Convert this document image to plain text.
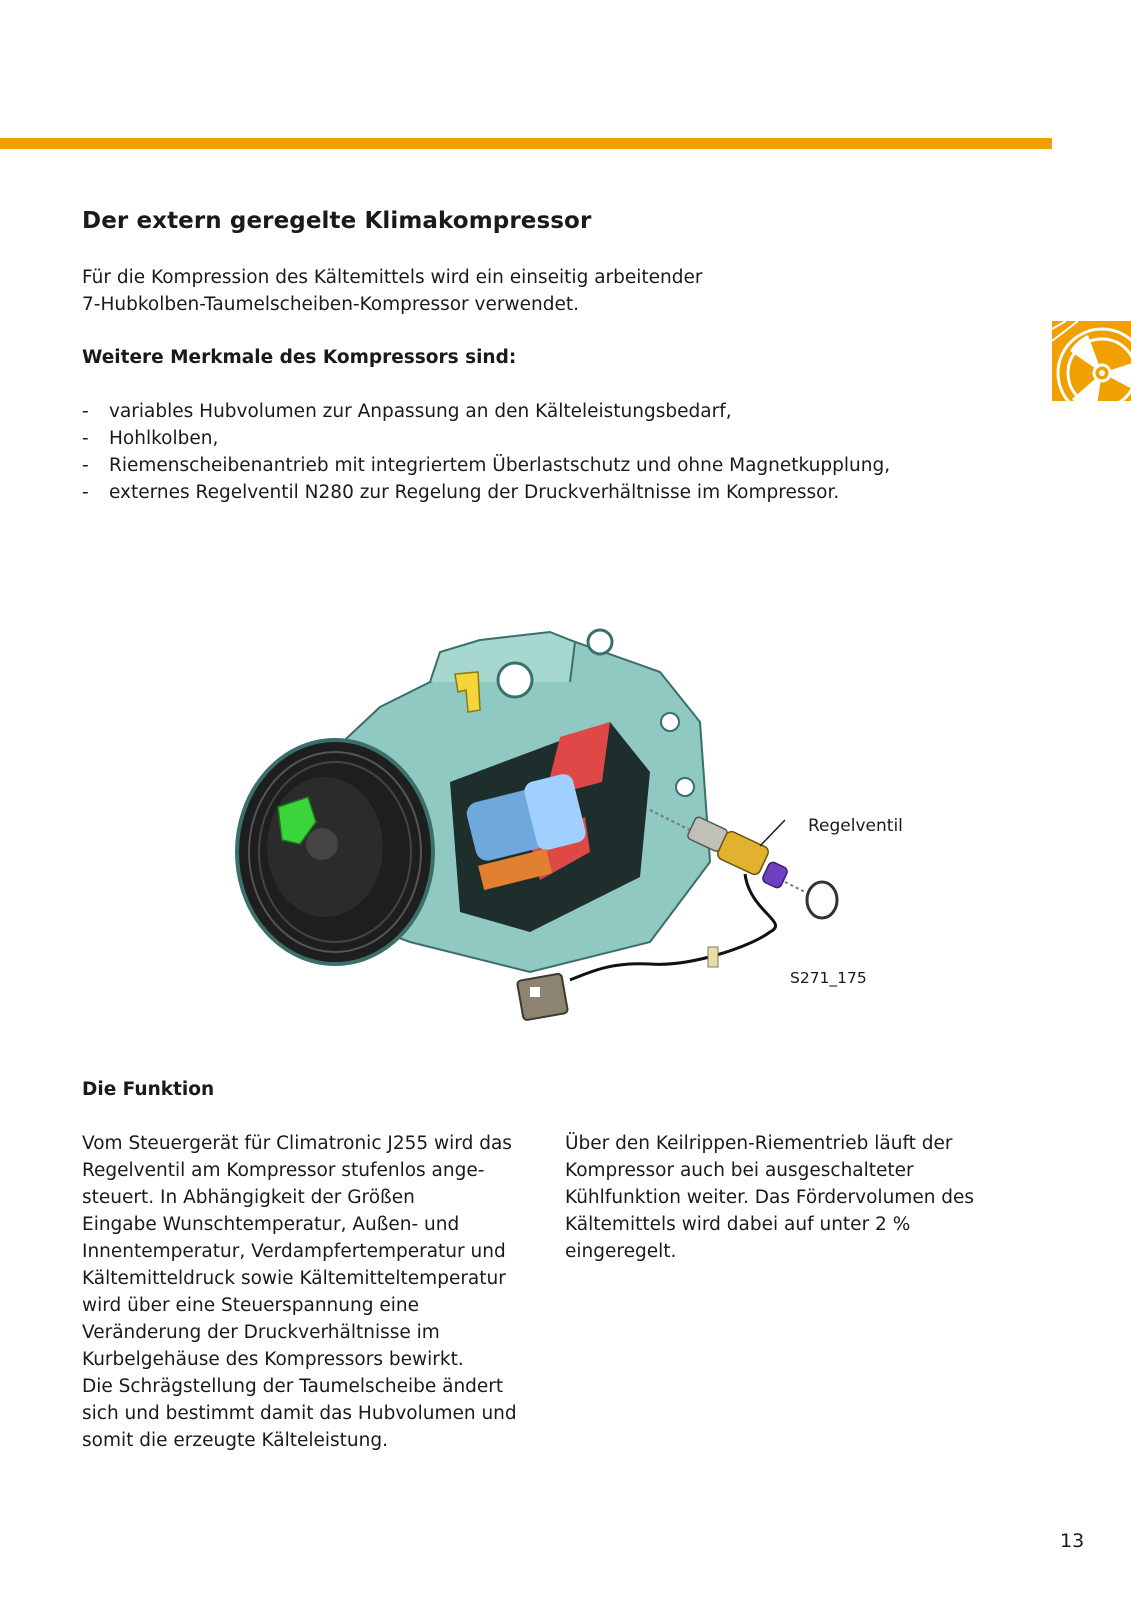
Der extern geregelte Klimakompressor

Für die Kompression des Kältemittels wird ein einseitig arbeitender
7-Hubkolben-Taumelscheiben-Kompressor verwendet.

Weitere Merkmale des Kompressors sind:
- variables Hubvolumen zur Anpassung an den Kälteleistungsbedarf,
- Hohlkolben,
- Riemenscheibenantrieb mit integriertem Überlastschutz und ohne Magnetkupplung,
- externes Regelventil N280 zur Regelung der Druckverhältnisse im Kompressor.
Regelventil
S271_175
Die Funktion

Vom Steuergerät für Climatronic J255 wird das
Regelventil am Kompressor stufenlos ange-
steuert. In Abhängigkeit der Größen
Eingabe Wunschtemperatur, Außen- und
Innentemperatur, Verdampfertemperatur und
Kältemitteldruck sowie Kältemitteltemperatur
wird über eine Steuerspannung eine
Veränderung der Druckverhältnisse im
Kurbelgehäuse des Kompressors bewirkt.
Die Schrägstellung der Taumelscheibe ändert
sich und bestimmt damit das Hubvolumen und
somit die erzeugte Kälteleistung.

Über den Keilrippen-Riementrieb läuft der
Kompressor auch bei ausgeschalteter
Kühlfunktion weiter. Das Fördervolumen des
Kältemittels wird dabei auf unter 2 %
eingeregelt.

13
